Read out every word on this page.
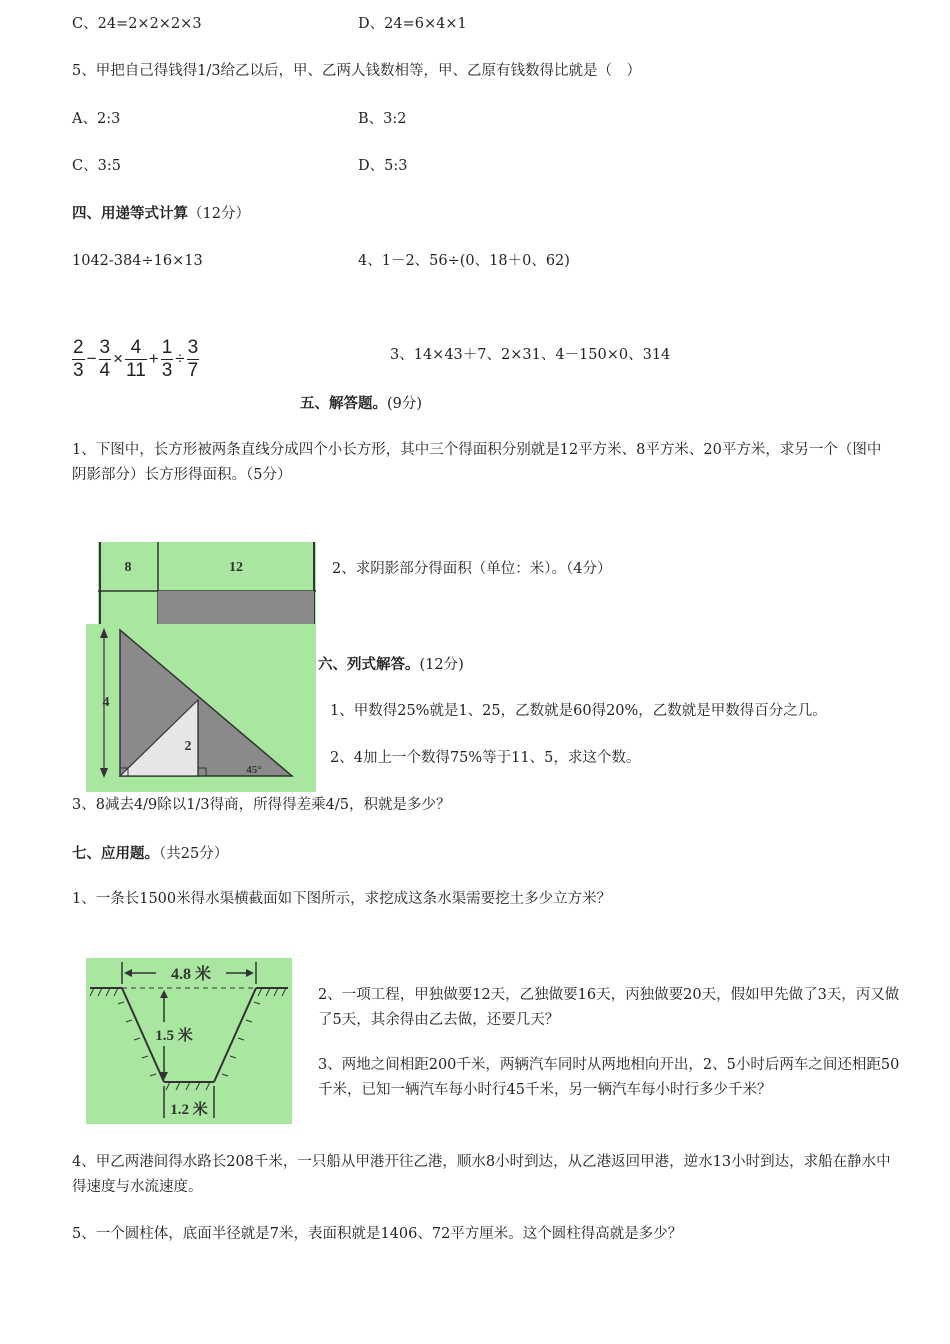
C、24=2×2×2×3	D、24=6×4×1
5、甲把自己得钱得1/3给乙以后，甲、乙两人钱数相等，甲、乙原有钱数得比就是（　）
A、2:3	B、3:2
C、3:5	D、5:3
四、用递等式计算（12分）
1042-384÷16×13	4、1－2、56÷(0、18＋0、62)
$\frac{2}{3} - \frac{3}{4} \times \frac{4}{11} + \frac{1}{3} \div \frac{3}{7}$	3、14×43＋7、2×31、4－150×0、314
五、解答题。(9分)
1、下图中，长方形被两条直线分成四个小长方形，其中三个得面积分别就是12平方米、8平方米、20平方米，求另一个（图中阴影部分）长方形得面积。（5分）
8	12	2、求阴影部分得面积（单位：米）。（4分）
4
2
45°
六、列式解答。(12分)
1、甲数得25%就是1、25，乙数就是60得20%，乙数就是甲数得百分之几。
2、4加上一个数得75%等于11、5，求这个数。
3、8减去4/9除以1/3得商，所得得差乘4/5，积就是多少？
七、应用题。（共25分）
1、一条长1500米得水渠横截面如下图所示，求挖成这条水渠需要挖土多少立方米？
4.8 米
1.5 米
1.2 米
2、一项工程，甲独做要12天，乙独做要16天，丙独做要20天，假如甲先做了3天，丙又做了5天，其余得由乙去做，还要几天？
3、两地之间相距200千米，两辆汽车同时从两地相向开出，2、5小时后两车之间还相距50千米，已知一辆汽车每小时行45千米，另一辆汽车每小时行多少千米？
4、甲乙两港间得水路长208千米，一只船从甲港开往乙港，顺水8小时到达，从乙港返回甲港，逆水13小时到达，求船在静水中得速度与水流速度。
5、一个圆柱体，底面半径就是7米，表面积就是1406、72平方厘米。这个圆柱得高就是多少？
